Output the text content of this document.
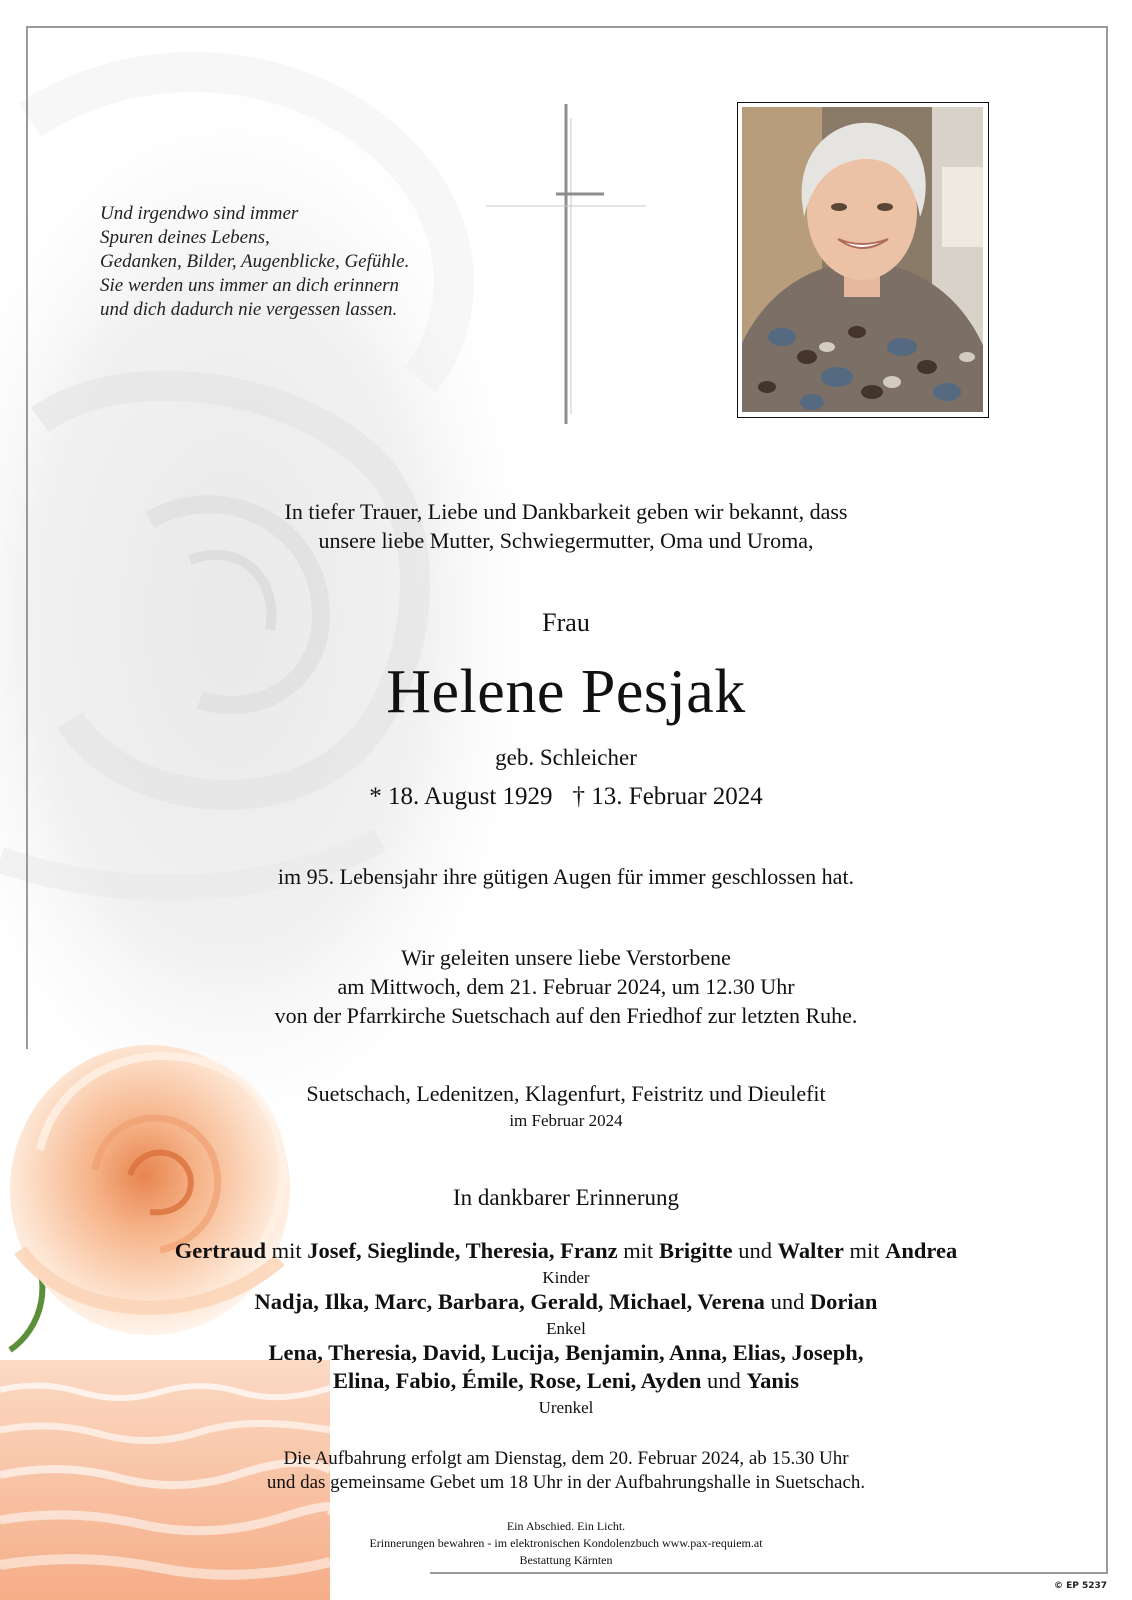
Und irgendwo sind immer
Spuren deines Lebens,
Gedanken, Bilder, Augenblicke, Gefühle.
Sie werden uns immer an dich erinnern
und dich dadurch nie vergessen lassen.
In tiefer Trauer, Liebe und Dankbarkeit geben wir bekannt, dass
unsere liebe Mutter, Schwiegermutter, Oma und Uroma,
Frau
Helene Pesjak
geb. Schleicher
* 18. August 1929 † 13. Februar 2024
im 95. Lebensjahr ihre gütigen Augen für immer geschlossen hat.
Wir geleiten unsere liebe Verstorbene
am Mittwoch, dem 21. Februar 2024, um 12.30 Uhr
von der Pfarrkirche Suetschach auf den Friedhof zur letzten Ruhe.
Suetschach, Ledenitzen, Klagenfurt, Feistritz und Dieulefit
im Februar 2024
In dankbarer Erinnerung
Gertraud mit Josef, Sieglinde, Theresia, Franz mit Brigitte und Walter mit Andrea
Kinder
Nadja, Ilka, Marc, Barbara, Gerald, Michael, Verena und Dorian
Enkel
Lena, Theresia, David, Lucija, Benjamin, Anna, Elias, Joseph,
Elina, Fabio, Émile, Rose, Leni, Ayden und Yanis
Urenkel
Die Aufbahrung erfolgt am Dienstag, dem 20. Februar 2024, ab 15.30 Uhr
und das gemeinsame Gebet um 18 Uhr in der Aufbahrungshalle in Suetschach.
Ein Abschied. Ein Licht.
Erinnerungen bewahren - im elektronischen Kondolenzbuch www.pax-requiem.at
Bestattung Kärnten
© EP 5237
